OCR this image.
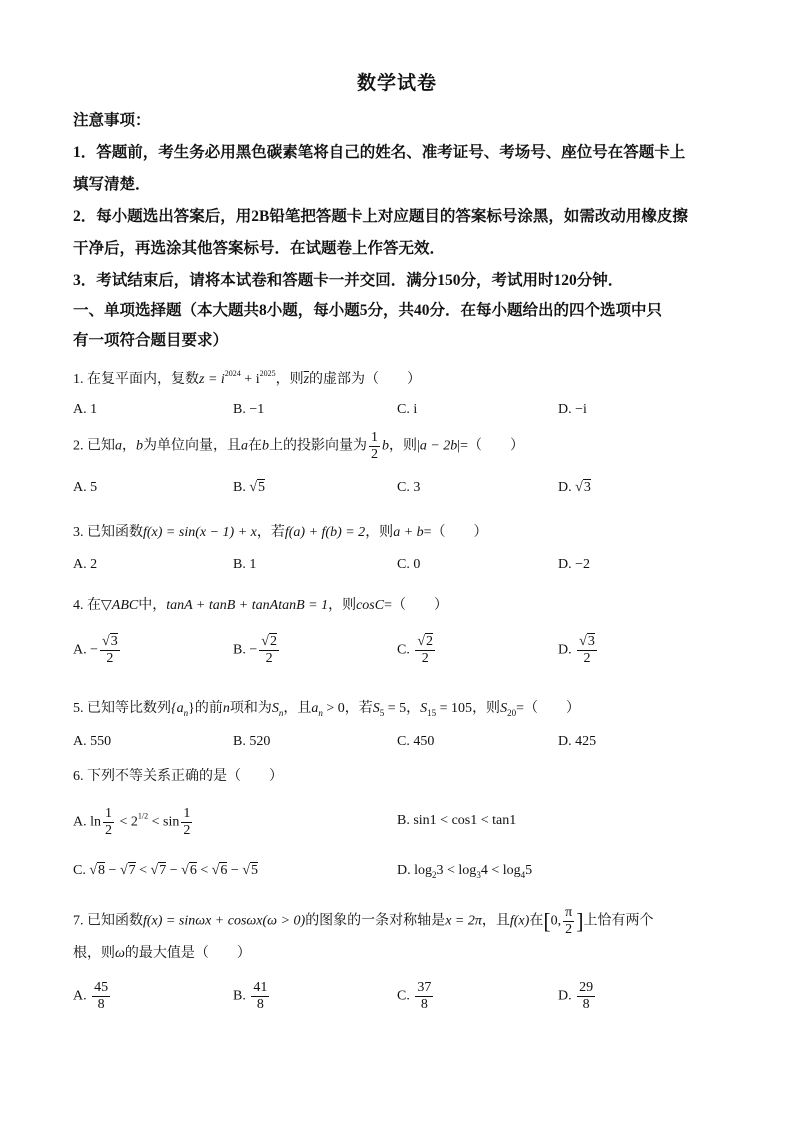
数学试卷
注意事项：
1．答题前，考生务必用黑色碳素笔将自己的姓名、准考证号、考场号、座位号在答题卡上
填写清楚．
2．每小题选出答案后，用2B铅笔把答题卡上对应题目的答案标号涂黑，如需改动用橡皮擦
干净后，再选涂其他答案标号．在试题卷上作答无效．
3．考试结束后，请将本试卷和答题卡一并交回．满分150分，考试用时120分钟．
一、单项选择题（本大题共8小题，每小题5分，共40分．在每小题给出的四个选项中只
有一项符合题目要求）
1. 在复平面内，复数$z = i^{2024} + i^{2025}$，则$\overline{z}$的虚部为（　　）
A. 1	B. −1	C. i	D. −i
2. 已知a，b为单位向量，且a在b上的投影向量为 $\frac{1}{2}$ b，则|a − 2b|=（　　）
A. 5	B. √5	C. 3	D. √3
3. 已知函数f(x) = sin(x − 1) + x，若f(a) + f(b) = 2，则a + b=（　　）
A. 2	B. 1	C. 0	D. −2
4. 在▽ABC中，tanA + tanB + tanAtanB = 1，则cosC=（　　）
A. − $\frac{√3}{2}$	B. − $\frac{√2}{2}$	C. $\frac{√2}{2}$	D. $\frac{√3}{2}$
5. 已知等比数列$\{a_n\}$的前n项和为$S_n$，且$a_n > 0$，若$S_5 = 5$，$S_{15} = 105$，则$S_{20}=$（　　）
A. 550	B. 520	C. 450	D. 425
6. 下列不等关系正确的是（　　）
A. $\ln \frac{1}{2} < 2^{1/2} < \sin \frac{1}{2}$	B. sin1 < cos1 < tan1
C. √8 − √7 < √7 − √6 < √6 − √5	D. $\log_23 < \log_34 < \log_45$
7. 已知函数f(x) = sinωx + cosωx(ω > 0)的图象的一条对称轴是x = 2π，且f(x)在[0, $\frac{\pi}{2}$ ]上恰有两个
根，则ω的最大值是（　　）
A. $\frac{45}{8}$	B. $\frac{41}{8}$	C. $\frac{37}{8}$	D. $\frac{29}{8}$
